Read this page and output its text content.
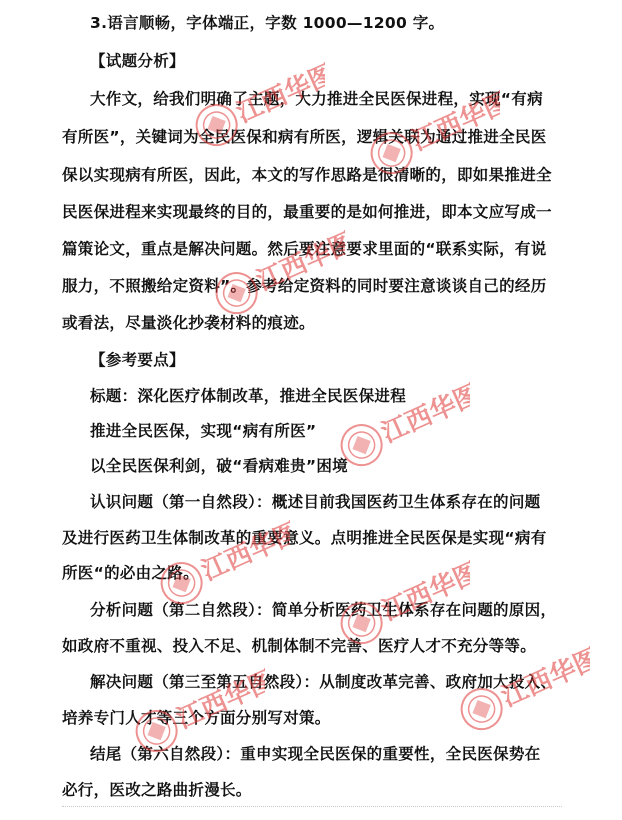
3.语言顺畅，字体端正，字数 1000—1200 字。
【试题分析】
大作文，给我们明确了主题，大力推进全民医保进程，实现“有病
有所医”，关键词为全民医保和病有所医，逻辑关联为通过推进全民医
保以实现病有所医，因此，本文的写作思路是很清晰的，即如果推进全
民医保进程来实现最终的目的，最重要的是如何推进，即本文应写成一
篇策论文，重点是解决问题。然后要注意要求里面的“联系实际，有说
服力，不照搬给定资料”。参考给定资料的同时要注意谈谈自己的经历
或看法，尽量淡化抄袭材料的痕迹。
【参考要点】
标题：深化医疗体制改革，推进全民医保进程
推进全民医保，实现“病有所医”
以全民医保利剑，破“看病难贵”困境
认识问题（第一自然段）：概述目前我国医药卫生体系存在的问题
及进行医药卫生体制改革的重要意义。点明推进全民医保是实现“病有
所医“的必由之路。
分析问题（第二自然段）：简单分析医药卫生体系存在问题的原因，
如政府不重视、投入不足、机制体制不完善、医疗人才不充分等等。
解决问题（第三至第五自然段）：从制度改革完善、政府加大投入、
培养专门人才等三个方面分别写对策。
结尾（第六自然段）：重申实现全民医保的重要性，全民医保势在
必行，医改之路曲折漫长。
江西华图	江西华图
江西华图
江西华图
江西华图
江西华图
江西华图	江西华图
